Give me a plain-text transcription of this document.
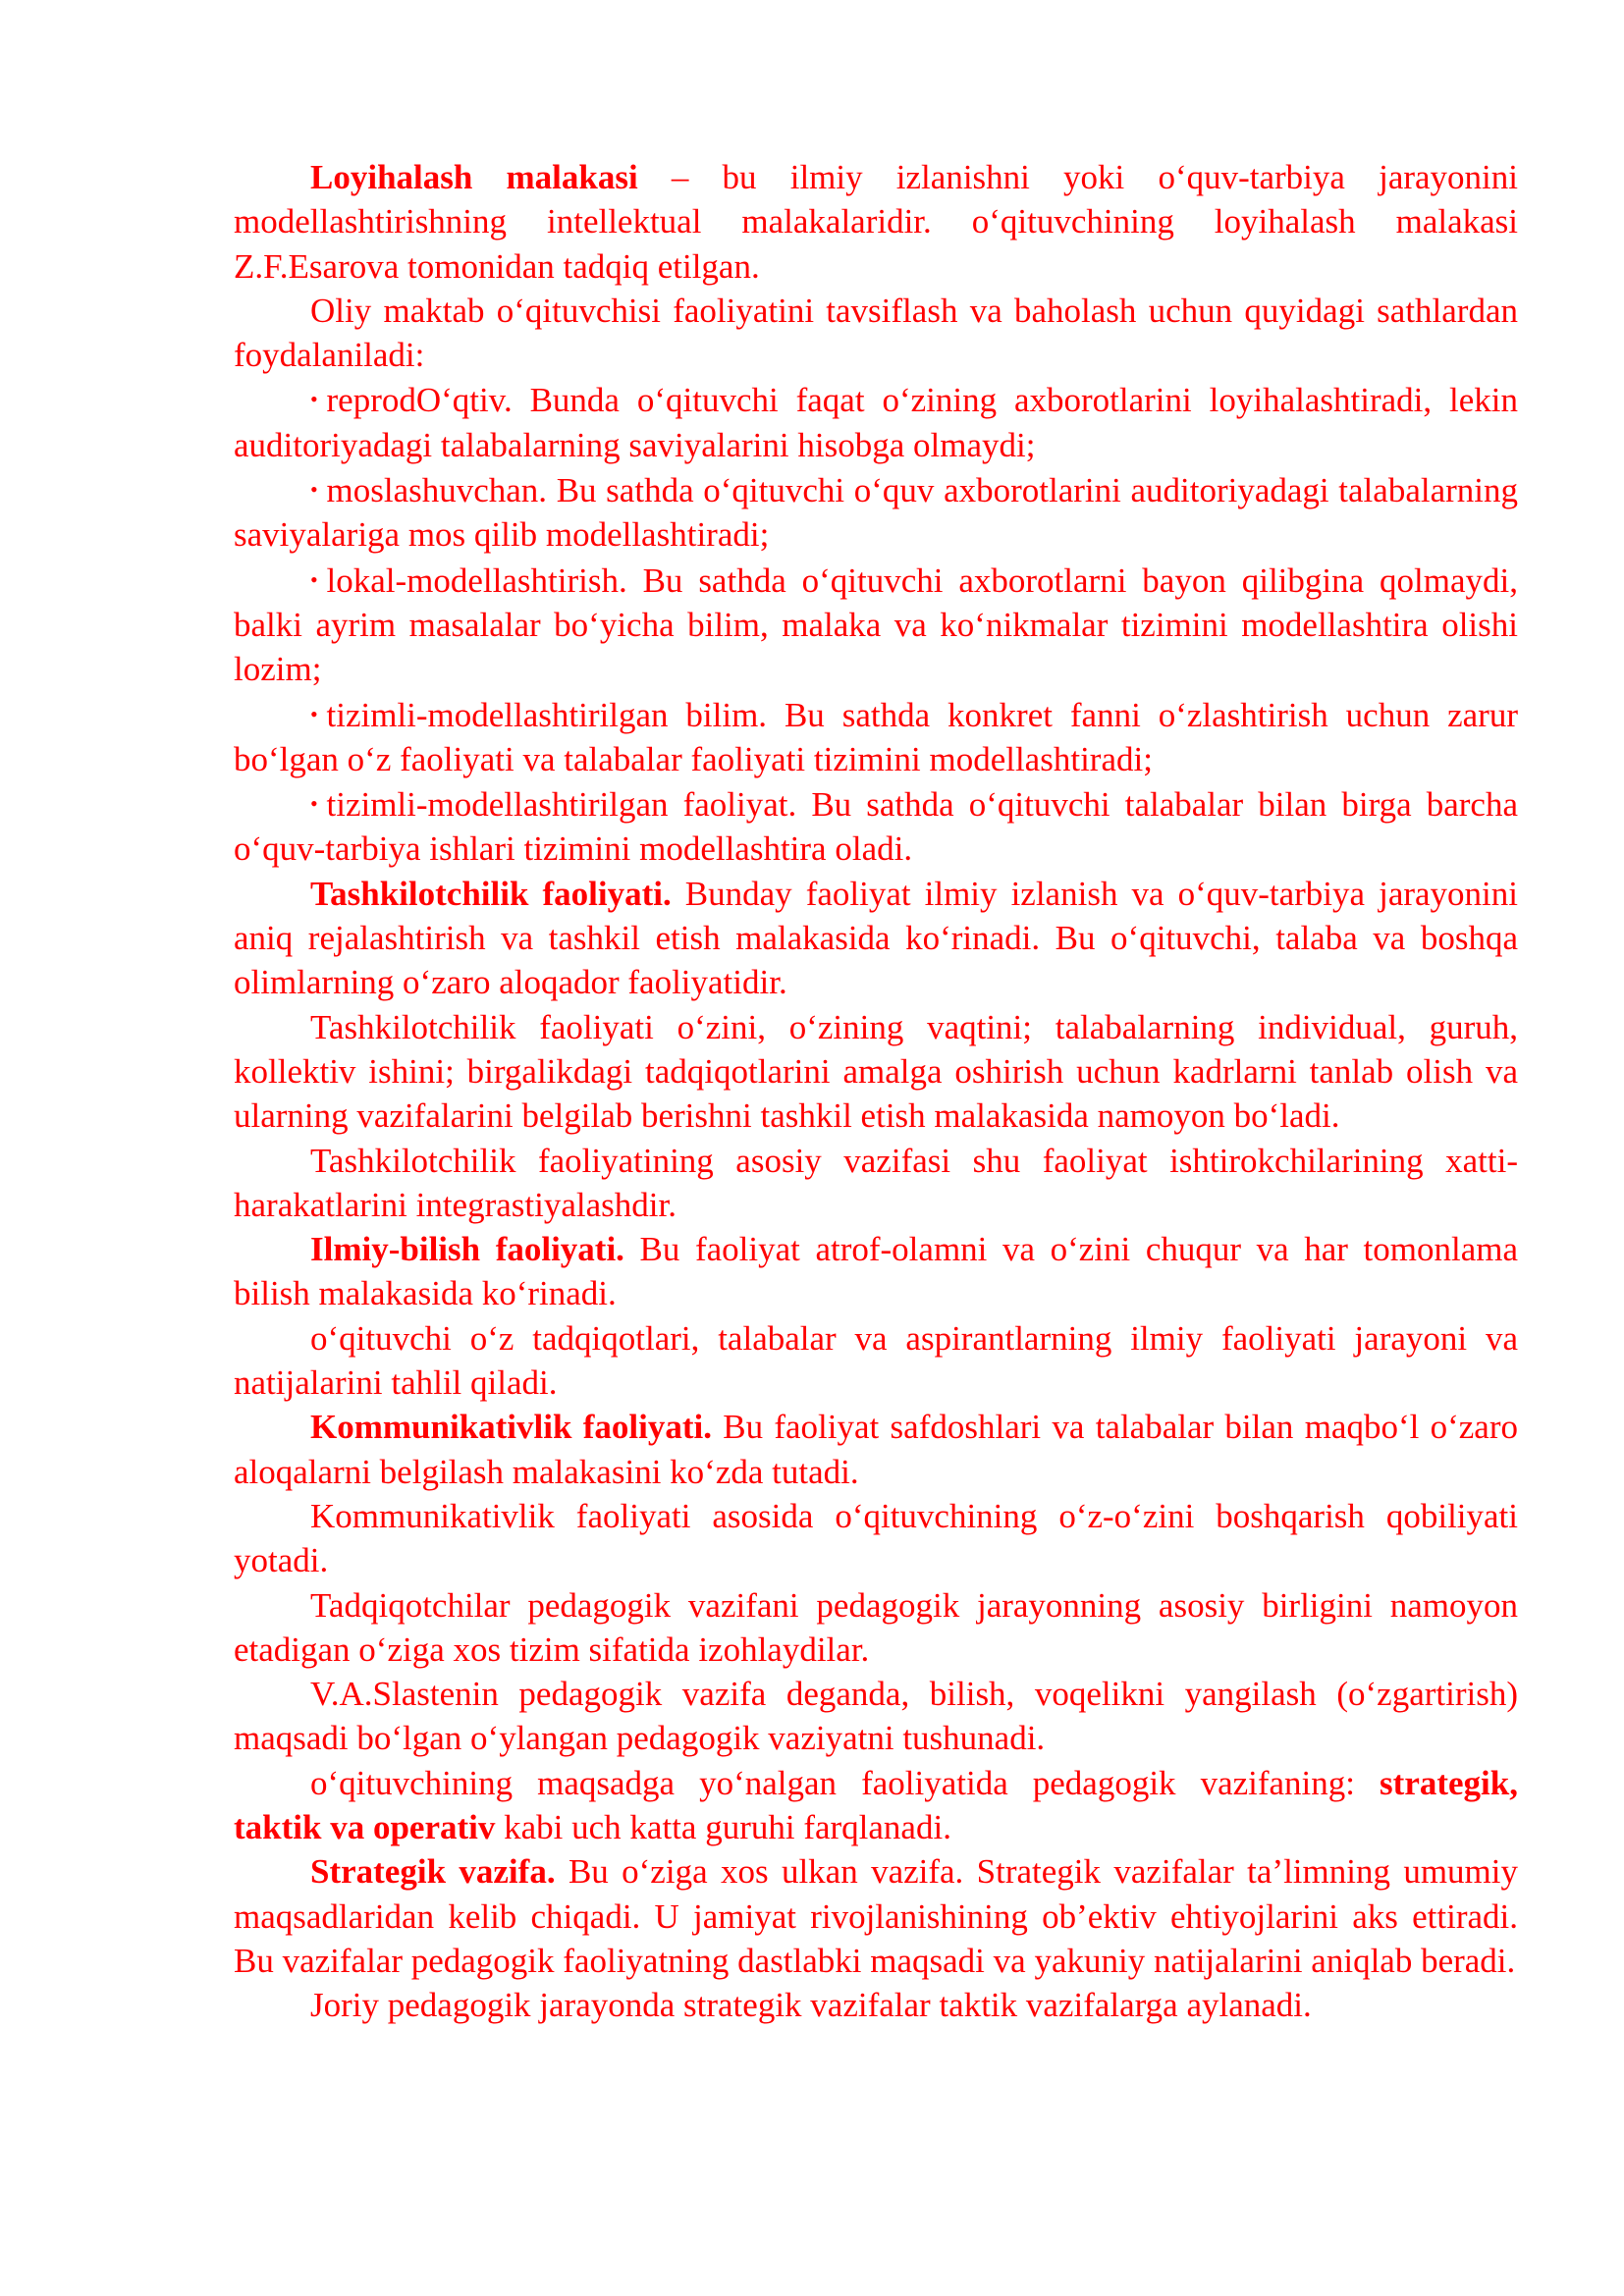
Loyihalash malakasi – bu ilmiy izlanishni yoki o‘quv-tarbiya jarayonini modellashtirishning intellektual malakalaridir. o‘qituvchining loyihalash malakasi Z.F.Esarova tomonidan tadqiq etilgan.

Oliy maktab o‘qituvchisi faoliyatini tavsiflash va baholash uchun quyidagi sathlardan foydalaniladi:

• reprodO‘qtiv. Bunda o‘qituvchi faqat o‘zining axborotlarini loyihalashtiradi, lekin auditoriyadagi talabalarning saviyalarini hisobga olmaydi;

• moslashuvchan. Bu sathda o‘qituvchi o‘quv axborotlarini auditoriyadagi talabalarning saviyalariga mos qilib modellashtiradi;

• lokal-modellashtirish. Bu sathda o‘qituvchi axborotlarni bayon qilibgina qolmaydi, balki ayrim masalalar bo‘yicha bilim, malaka va ko‘nikmalar tizimini modellashtira olishi lozim;

• tizimli-modellashtirilgan bilim. Bu sathda konkret fanni o‘zlashtirish uchun zarur bo‘lgan o‘z faoliyati va talabalar faoliyati tizimini modellashtiradi;

• tizimli-modellashtirilgan faoliyat. Bu sathda o‘qituvchi talabalar bilan birga barcha o‘quv-tarbiya ishlari tizimini modellashtira oladi.

Tashkilotchilik faoliyati. Bunday faoliyat ilmiy izlanish va o‘quv-tarbiya jarayonini aniq rejalashtirish va tashkil etish malakasida ko‘rinadi. Bu o‘qituvchi, talaba va boshqa olimlarning o‘zaro aloqador faoliyatidir.

Tashkilotchilik faoliyati o‘zini, o‘zining vaqtini; talabalarning individual, guruh, kollektiv ishini; birgalikdagi tadqiqotlarini amalga oshirish uchun kadrlarni tanlab olish va ularning vazifalarini belgilab berishni tashkil etish malakasida namoyon bo‘ladi.

Tashkilotchilik faoliyatining asosiy vazifasi shu faoliyat ishtirokchilarining xatti-harakatlarini integrastiyalashdir.

Ilmiy-bilish faoliyati. Bu faoliyat atrof-olamni va o‘zini chuqur va har tomonlama bilish malakasida ko‘rinadi.

o‘qituvchi o‘z tadqiqotlari, talabalar va aspirantlarning ilmiy faoliyati jarayoni va natijalarini tahlil qiladi.

Kommunikativlik faoliyati. Bu faoliyat safdoshlari va talabalar bilan maqbo‘l o‘zaro aloqalarni belgilash malakasini ko‘zda tutadi.

Kommunikativlik faoliyati asosida o‘qituvchining o‘z-o‘zini boshqarish qobiliyati yotadi.

Tadqiqotchilar pedagogik vazifani pedagogik jarayonning asosiy birligini namoyon etadigan o‘ziga xos tizim sifatida izohlaydilar.

V.A.Slastenin pedagogik vazifa deganda, bilish, voqelikni yangilash (o‘zgartirish) maqsadi bo‘lgan o‘ylangan pedagogik vaziyatni tushunadi.

o‘qituvchining maqsadga yo‘nalgan faoliyatida pedagogik vazifaning: strategik, taktik va operativ kabi uch katta guruhi farqlanadi.

Strategik vazifa. Bu o‘ziga xos ulkan vazifa. Strategik vazifalar ta’limning umumiy maqsadlaridan kelib chiqadi. U jamiyat rivojlanishining ob’ektiv ehtiyojlarini aks ettiradi. Bu vazifalar pedagogik faoliyatning dastlabki maqsadi va yakuniy natijalarini aniqlab beradi.

Joriy pedagogik jarayonda strategik vazifalar taktik vazifalarga aylanadi.
